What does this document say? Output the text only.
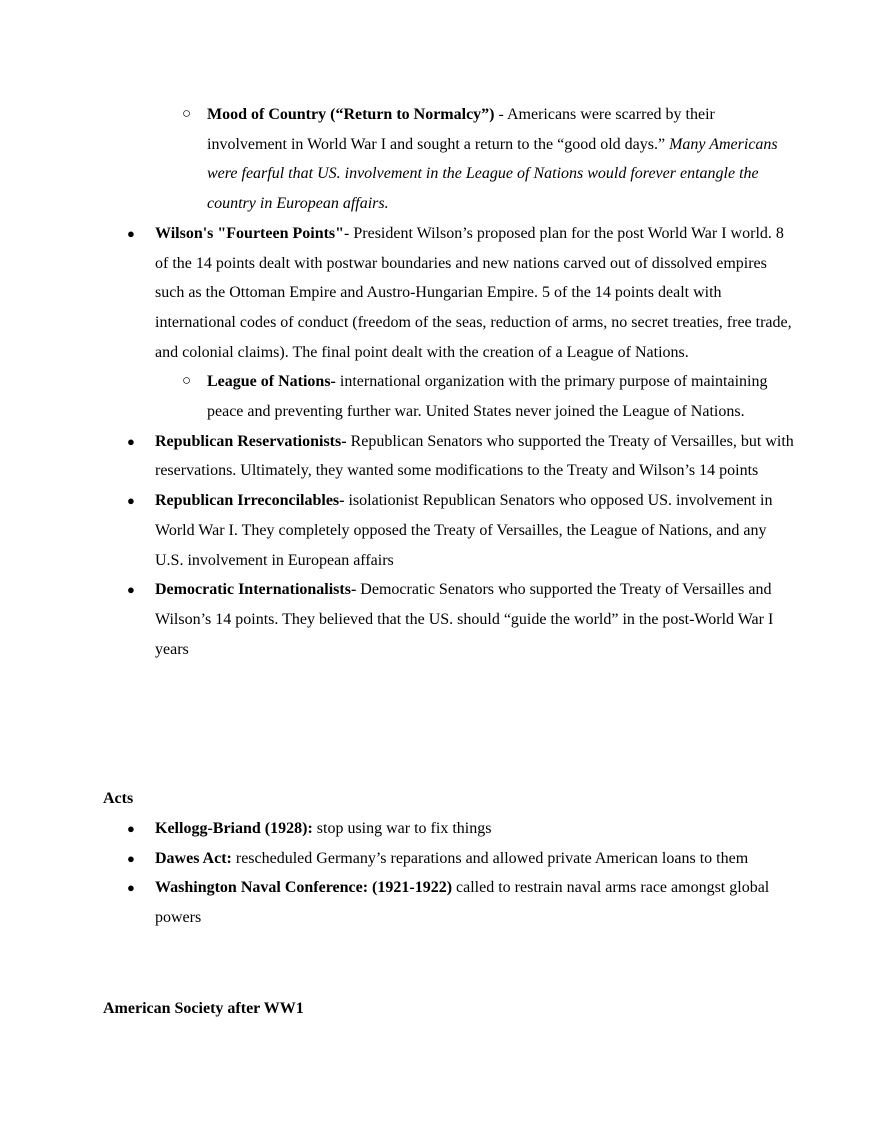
○ Mood of Country (“Return to Normalcy”) - Americans were scarred by their involvement in World War I and sought a return to the “good old days.” Many Americans were fearful that US. involvement in the League of Nations would forever entangle the country in European affairs.
● Wilson's "Fourteen Points"- President Wilson’s proposed plan for the post World War I world. 8 of the 14 points dealt with postwar boundaries and new nations carved out of dissolved empires such as the Ottoman Empire and Austro-Hungarian Empire. 5 of the 14 points dealt with international codes of conduct (freedom of the seas, reduction of arms, no secret treaties, free trade, and colonial claims). The final point dealt with the creation of a League of Nations.
○ League of Nations- international organization with the primary purpose of maintaining peace and preventing further war. United States never joined the League of Nations.
● Republican Reservationists- Republican Senators who supported the Treaty of Versailles, but with reservations. Ultimately, they wanted some modifications to the Treaty and Wilson’s 14 points
● Republican Irreconcilables- isolationist Republican Senators who opposed US. involvement in World War I. They completely opposed the Treaty of Versailles, the League of Nations, and any U.S. involvement in European affairs
● Democratic Internationalists- Democratic Senators who supported the Treaty of Versailles and Wilson’s 14 points. They believed that the US. should “guide the world” in the post-World War I years
Acts
● Kellogg-Briand (1928): stop using war to fix things
● Dawes Act: rescheduled Germany’s reparations and allowed private American loans to them
● Washington Naval Conference: (1921-1922) called to restrain naval arms race amongst global powers
American Society after WW1
